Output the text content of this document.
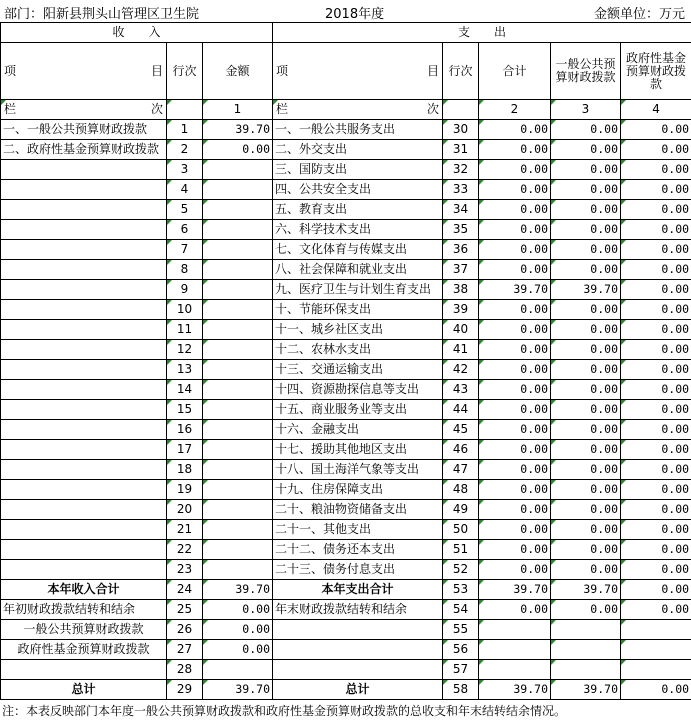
部门：阳新县荆头山管理区卫生院	2018年度	金额单位：万元
收　　入			支　　出				

项 目	行次	金额	项 目	行次	合计	一般公共预算财政拨款	政府性基金预算财政拨款

栏 次		1	栏 次		2	3	4
一、一般公共预算财政拨款	1	39.70	一、一般公共服务支出	30	0.00	0.00	0.00
二、政府性基金预算财政拨款	2	0.00	二、外交支出	31	0.00	0.00	0.00
	3		三、国防支出	32	0.00	0.00	0.00
	4		四、公共安全支出	33	0.00	0.00	0.00
	5		五、教育支出	34	0.00	0.00	0.00
	6		六、科学技术支出	35	0.00	0.00	0.00
	7		七、文化体育与传媒支出	36	0.00	0.00	0.00
	8		八、社会保障和就业支出	37	0.00	0.00	0.00
	9		九、医疗卫生与计划生育支出	38	39.70	39.70	0.00
	10		十、节能环保支出	39	0.00	0.00	0.00
	11		十一、城乡社区支出	40	0.00	0.00	0.00
	12		十二、农林水支出	41	0.00	0.00	0.00
	13		十三、交通运输支出	42	0.00	0.00	0.00
	14		十四、资源勘探信息等支出	43	0.00	0.00	0.00
	15		十五、商业服务业等支出	44	0.00	0.00	0.00
	16		十六、金融支出	45	0.00	0.00	0.00
	17		十七、援助其他地区支出	46	0.00	0.00	0.00
	18		十八、国土海洋气象等支出	47	0.00	0.00	0.00
	19		十九、住房保障支出	48	0.00	0.00	0.00
	20		二十、粮油物资储备支出	49	0.00	0.00	0.00
	21		二十一、其他支出	50	0.00	0.00	0.00
	22		二十二、债务还本支出	51	0.00	0.00	0.00
	23		二十三、债务付息支出	52	0.00	0.00	0.00
本年收入合计	24	39.70	本年支出合计	53	39.70	39.70	0.00
年初财政拨款结转和结余	25	0.00	年末财政拨款结转和结余	54	0.00	0.00	0.00
一般公共预算财政拨款	26	0.00		55			
政府性基金预算财政拨款	27	0.00		56			
	28			57			
总计	29	39.70	总计	58	39.70	39.70	0.00
注：本表反映部门本年度一般公共预算财政拨款和政府性基金预算财政拨款的总收支和年末结转结余情况。
